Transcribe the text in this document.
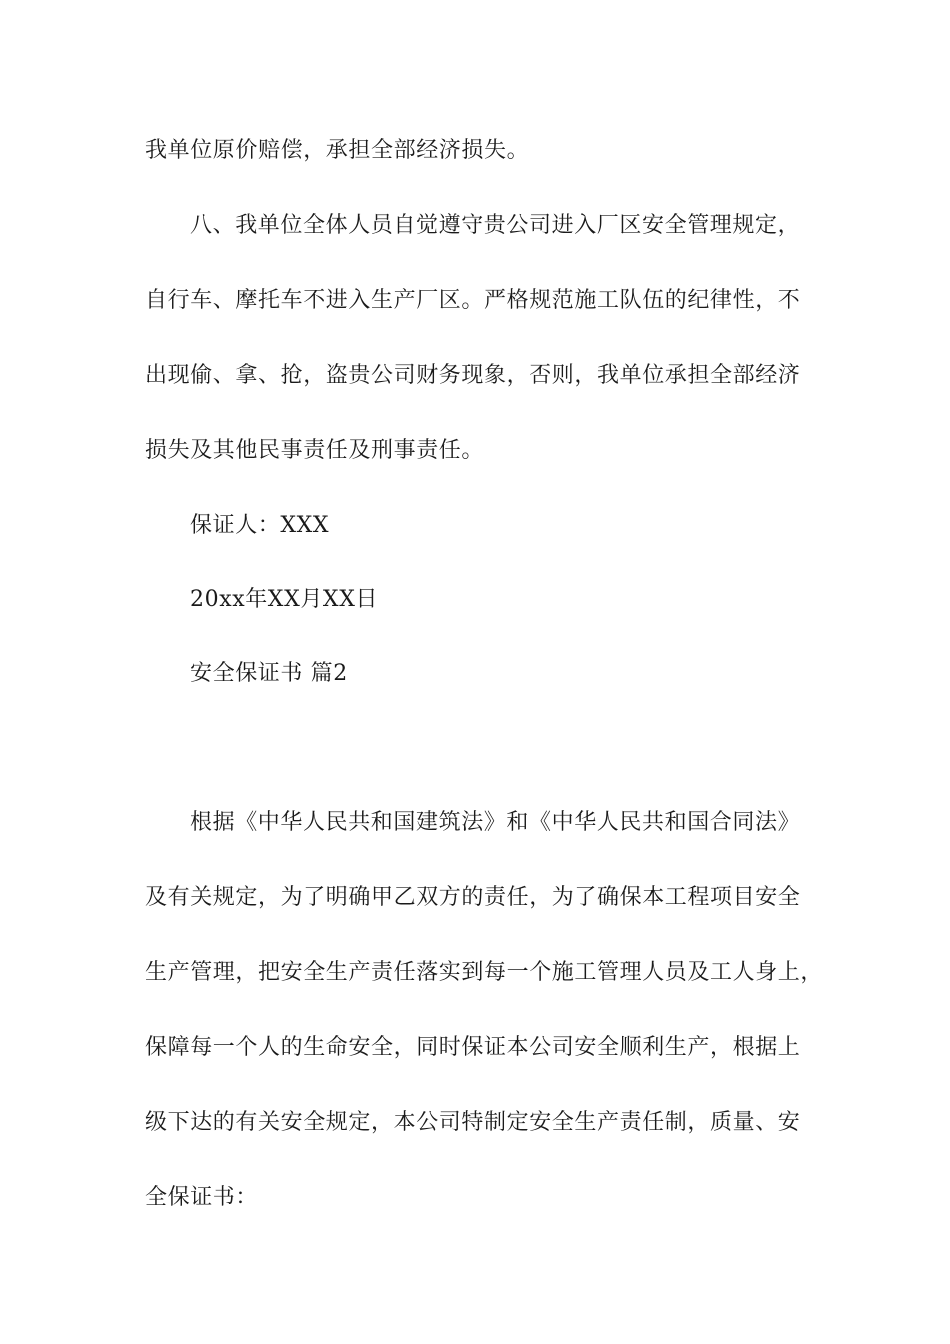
我单位原价赔偿，承担全部经济损失。
八、我单位全体人员自觉遵守贵公司进入厂区安全管理规定，
自行车、摩托车不进入生产厂区。严格规范施工队伍的纪律性，不
出现偷、拿、抢，盗贵公司财务现象，否则，我单位承担全部经济
损失及其他民事责任及刑事责任。
保证人：XXX
20xx年XX月XX日
安全保证书 篇2
根据《中华人民共和国建筑法》和《中华人民共和国合同法》
及有关规定，为了明确甲乙双方的责任，为了确保本工程项目安全
生产管理，把安全生产责任落实到每一个施工管理人员及工人身上，
保障每一个人的生命安全，同时保证本公司安全顺利生产，根据上
级下达的有关安全规定，本公司特制定安全生产责任制，质量、安
全保证书：
